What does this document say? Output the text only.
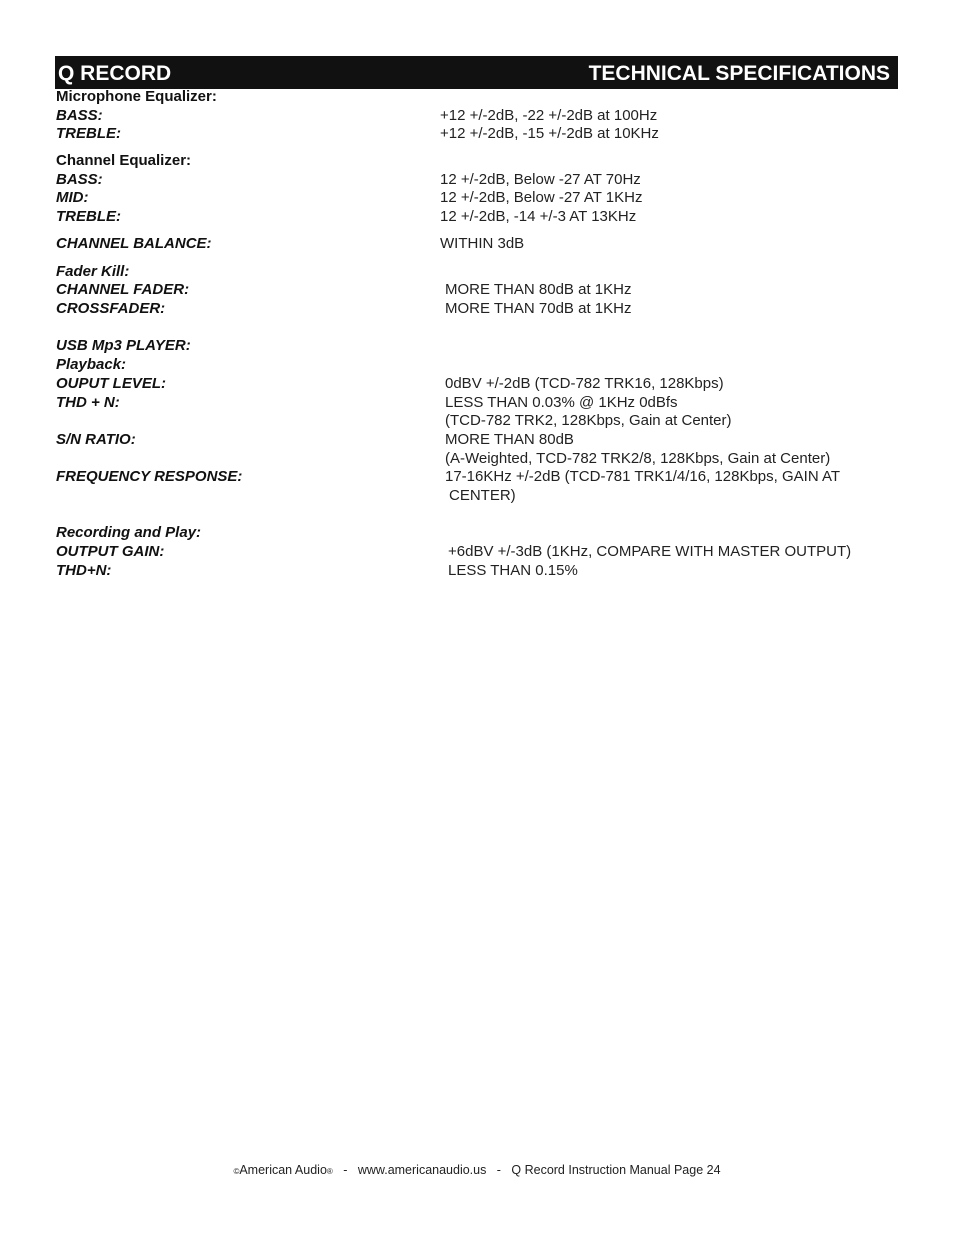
Q RECORD	TECHNICAL SPECIFICATIONS
Microphone Equalizer:
BASS:	+12 +/-2dB, -22 +/-2dB at 100Hz
TREBLE:	+12 +/-2dB, -15 +/-2dB at 10KHz
Channel Equalizer:
BASS:	12 +/-2dB, Below -27 AT 70Hz
MID:	12 +/-2dB, Below -27 AT 1KHz
TREBLE:	12 +/-2dB, -14 +/-3 AT 13KHz
CHANNEL BALANCE:	WITHIN 3dB
Fader Kill:
CHANNEL FADER:	MORE THAN 80dB at 1KHz
CROSSFADER:	MORE THAN 70dB at 1KHz
USB Mp3 PLAYER:
Playback:
OUPUT LEVEL:	0dBV +/-2dB (TCD-782 TRK16, 128Kbps)
THD + N:	LESS THAN 0.03% @ 1KHz 0dBfs
(TCD-782 TRK2, 128Kbps, Gain at Center)
S/N RATIO:	MORE THAN 80dB
(A-Weighted, TCD-782 TRK2/8, 128Kbps, Gain at Center)
FREQUENCY RESPONSE:	17-16KHz +/-2dB (TCD-781 TRK1/4/16, 128Kbps, GAIN AT
CENTER)
Recording and Play:
OUTPUT GAIN:	+6dBV +/-3dB (1KHz, COMPARE WITH MASTER OUTPUT)
THD+N:	LESS THAN 0.15%
©American Audio® - www.americanaudio.us - Q Record Instruction Manual Page 24
